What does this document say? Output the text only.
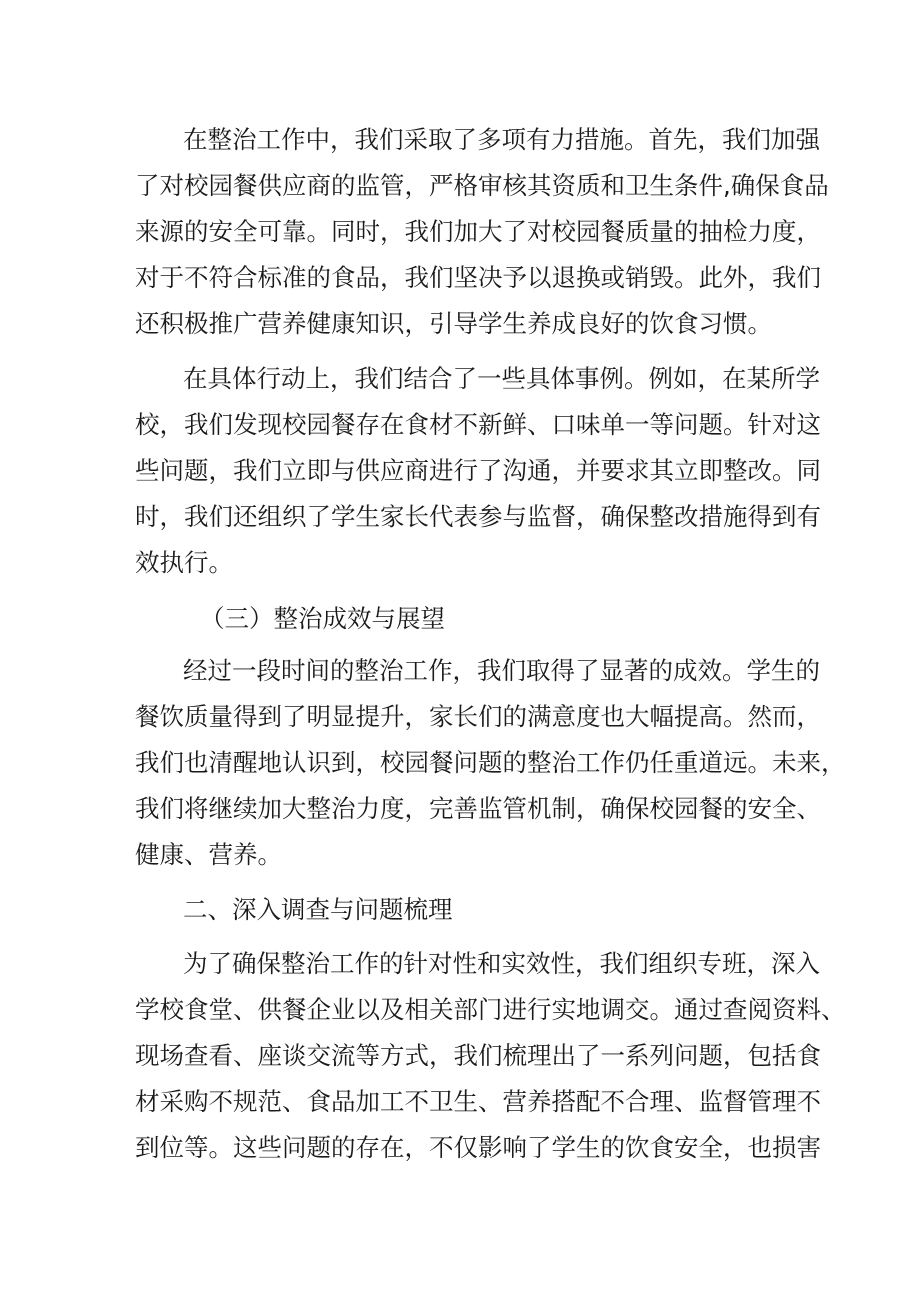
在整治工作中，我们采取了多项有力措施。首先，我们加强
了对校园餐供应商的监管，严格审核其资质和卫生条件,确保食品
来源的安全可靠。同时，我们加大了对校园餐质量的抽检力度，
对于不符合标准的食品，我们坚决予以退换或销毁。此外，我们
还积极推广营养健康知识，引导学生养成良好的饮食习惯。
在具体行动上，我们结合了一些具体事例。例如，在某所学
校，我们发现校园餐存在食材不新鲜、口味单一等问题。针对这
些问题，我们立即与供应商进行了沟通，并要求其立即整改。同
时，我们还组织了学生家长代表参与监督，确保整改措施得到有
效执行。
（三）整治成效与展望
经过一段时间的整治工作，我们取得了显著的成效。学生的
餐饮质量得到了明显提升，家长们的满意度也大幅提高。然而，
我们也清醒地认识到，校园餐问题的整治工作仍任重道远。未来，
我们将继续加大整治力度，完善监管机制，确保校园餐的安全、
健康、营养。
二、深入调查与问题梳理
为了确保整治工作的针对性和实效性，我们组织专班，深入
学校食堂、供餐企业以及相关部门进行实地调交。通过查阅资料、
现场查看、座谈交流等方式，我们梳理出了一系列问题，包括食
材采购不规范、食品加工不卫生、营养搭配不合理、监督管理不
到位等。这些问题的存在，不仅影响了学生的饮食安全，也损害
